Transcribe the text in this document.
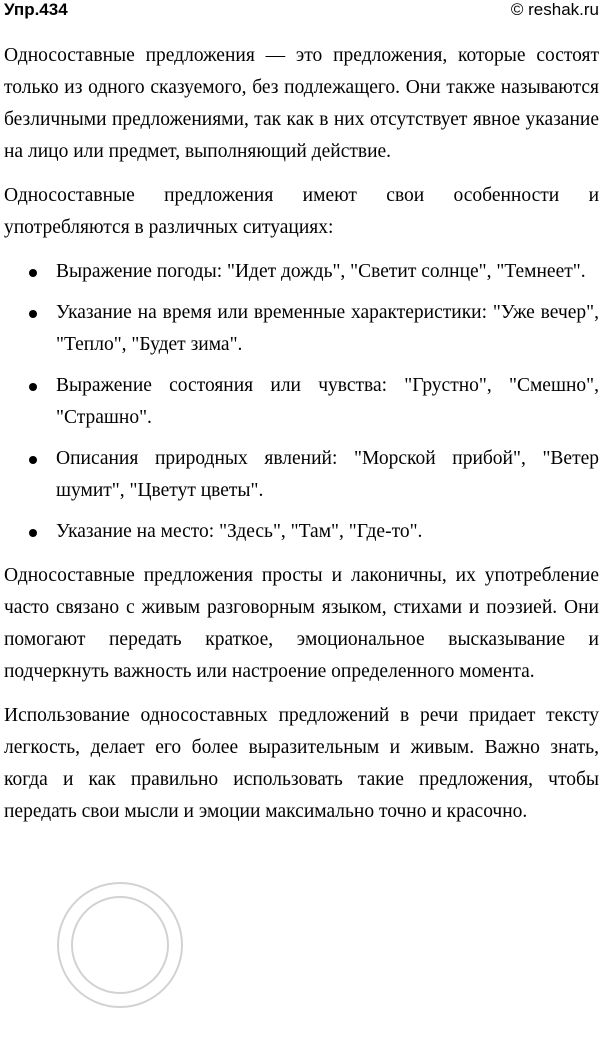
Упр.434	© reshak.ru

Односоставные предложения — это предложения, которые состоят только из одного сказуемого, без подлежащего. Они также называются безличными предложениями, так как в них отсутствует явное указание на лицо или предмет, выполняющий действие.

Односоставные предложения имеют свои особенности и употребляются в различных ситуациях:

Выражение погоды: "Идет дождь", "Светит солнце", "Темнеет".
Указание на время или временные характеристики: "Уже вечер", "Тепло", "Будет зима".
Выражение состояния или чувства: "Грустно", "Смешно", "Страшно".
Описания природных явлений: "Морской прибой", "Ветер шумит", "Цветут цветы".
Указание на место: "Здесь", "Там", "Где-то".

Односоставные предложения просты и лаконичны, их употребление часто связано с живым разговорным языком, стихами и поэзией. Они помогают передать краткое, эмоциональное высказывание и подчеркнуть важность или настроение определенного момента.

Использование односоставных предложений в речи придает тексту легкость, делает его более выразительным и живым. Важно знать, когда и как правильно использовать такие предложения, чтобы передать свои мысли и эмоции максимально точно и красочно.
